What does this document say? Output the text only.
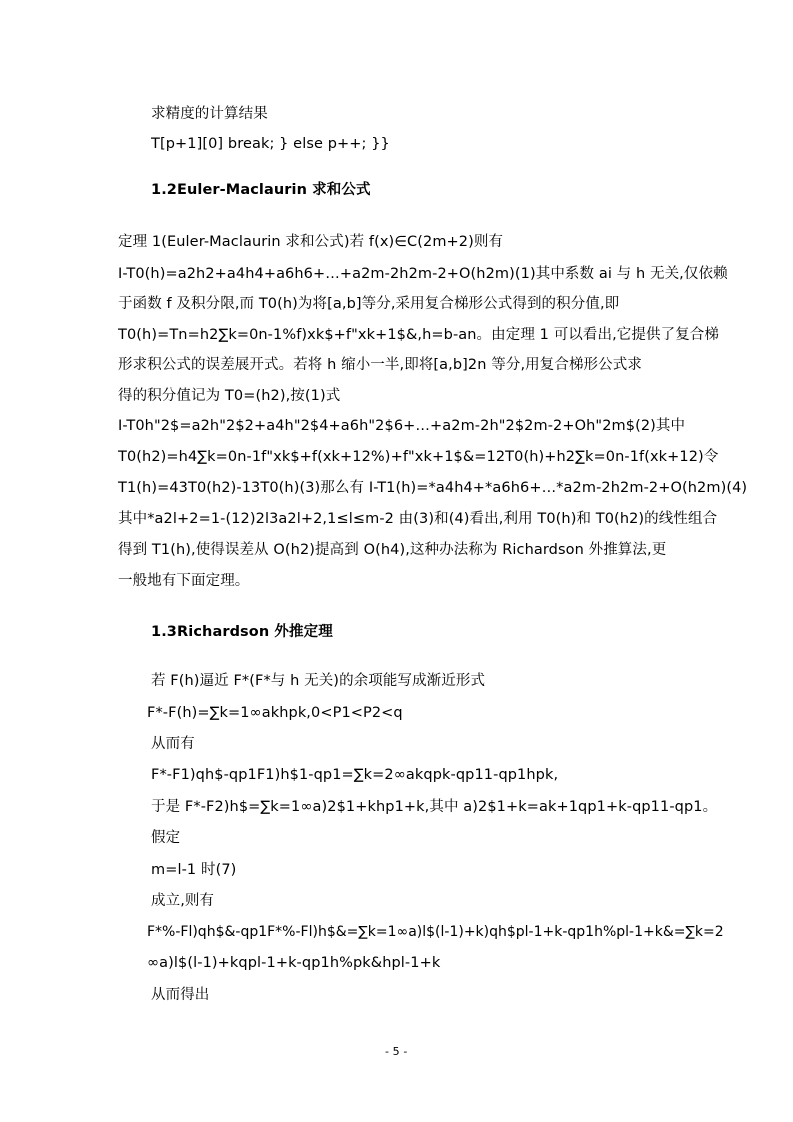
求精度的计算结果
T[p+1][0] break; } else p++; }}
1.2Euler-Maclaurin 求和公式
定理 1(Euler-Maclaurin 求和公式)若 f(x)∈C(2m+2)则有
I-T0(h)=a2h2+a4h4+a6h6+…+a2m-2h2m-2+O(h2m)(1)其中系数 ai 与 h 无关,仅依赖
于函数 f 及积分限,而 T0(h)为将[a,b]等分,采用复合梯形公式得到的积分值,即
T0(h)=Tn=h2∑k=0n-1%f)xk$+f"xk+1$&,h=b-an。由定理 1 可以看出,它提供了复合梯
形求积公式的误差展开式。若将 h 缩小一半,即将[a,b]2n 等分,用复合梯形公式求
得的积分值记为 T0=(h2),按(1)式
I-T0h"2$=a2h"2$2+a4h"2$4+a6h"2$6+…+a2m-2h"2$2m-2+Oh"2m$(2)其中
T0(h2)=h4∑k=0n-1f"xk$+f(xk+12%)+f"xk+1$&=12T0(h)+h2∑k=0n-1f(xk+12)令
T1(h)=43T0(h2)-13T0(h)(3)那么有 I-T1(h)=*a4h4+*a6h6+…*a2m-2h2m-2+O(h2m)(4)
其中*a2l+2=1-(12)2l3a2l+2,1≤l≤m-2 由(3)和(4)看出,利用 T0(h)和 T0(h2)的线性组合
得到 T1(h),使得误差从 O(h2)提高到 O(h4),这种办法称为 Richardson 外推算法,更
一般地有下面定理。
1.3Richardson 外推定理
若 F(h)逼近 F*(F*与 h 无关)的余项能写成渐近形式
F*-F(h)=∑k=1∞akhpk,0<P1<P2<q
从而有
F*-F1)qh$-qp1F1)h$1-qp1=∑k=2∞akqpk-qp11-qp1hpk,
于是 F*-F2)h$=∑k=1∞a)2$1+khp1+k,其中 a)2$1+k=ak+1qp1+k-qp11-qp1。
假定
m=l-1 时(7)
成立,则有
F*%-Fl)qh$&-qp1F*%-Fl)h$&=∑k=1∞a)l$(l-1)+k)qh$pl-1+k-qp1h%pl-1+k&=∑k=2
∞a)l$(l-1)+kqpl-1+k-qp1h%pk&hpl-1+k
从而得出
- 5 -
